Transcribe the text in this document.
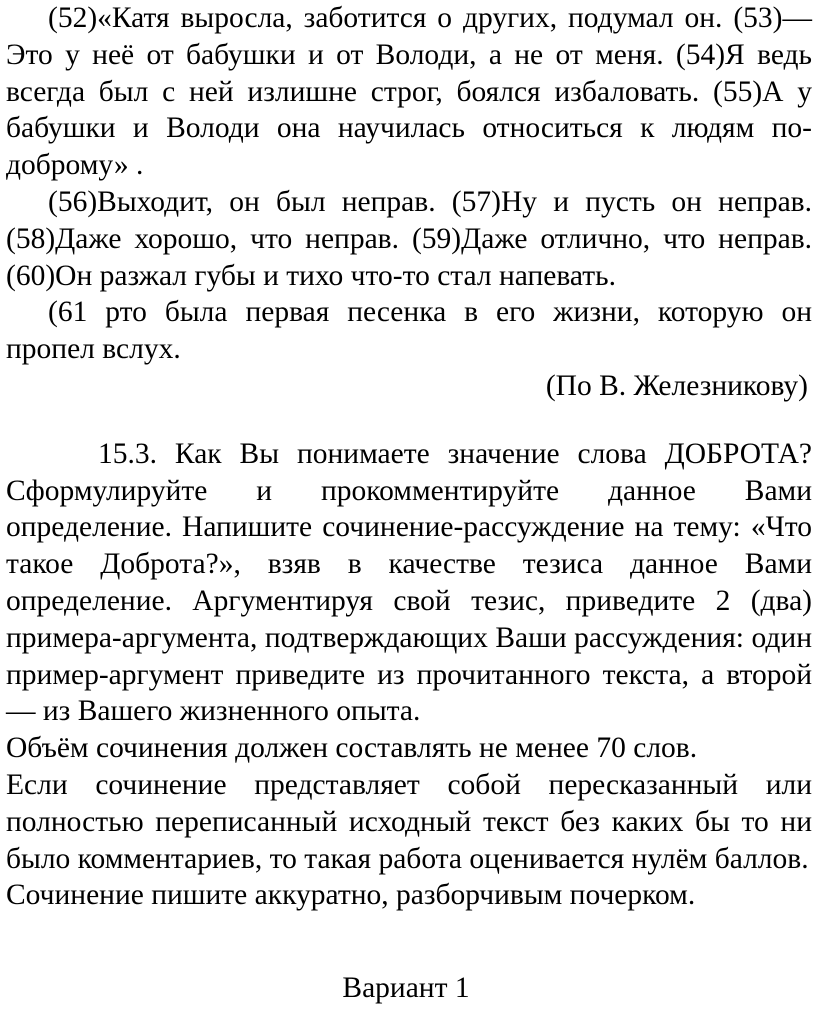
(52)«Катя выросла, заботится о других, подумал он. (53)— Это у неё от бабушки и от Володи, а не от меня. (54)Я ведь всегда был с ней излишне строг, боялся избаловать. (55)А у бабушки и Володи она научилась относиться к людям по-доброму» .

(56)Выходит, он был неправ. (57)Ну и пусть он неправ. (58)Даже хорошо, что неправ. (59)Даже отлично, что неправ. (60)Он разжал губы и тихо что-то стал напевать.

(61 рто была первая песенка в его жизни, которую он пропел вслух.

(По В. Железникову)

15.3. Как Вы понимаете значение слова ДОБРОТА? Сформулируйте и прокомментируйте данное Вами определение. Напишите сочинение-рассуждение на тему: «Что такое Доброта?», взяв в качестве тезиса данное Вами определение. Аргументируя свой тезис, приведите 2 (два) примера-аргумента, подтверждающих Ваши рассуждения: один пример-аргумент приведите из прочитанного текста, а второй — из Вашего жизненного опыта.

Объём сочинения должен составлять не менее 70 слов.

Если сочинение представляет собой пересказанный или полностью переписанный исходный текст без каких бы то ни было комментариев, то такая работа оценивается нулём баллов.

Сочинение пишите аккуратно, разборчивым почерком.

Вариант 1
